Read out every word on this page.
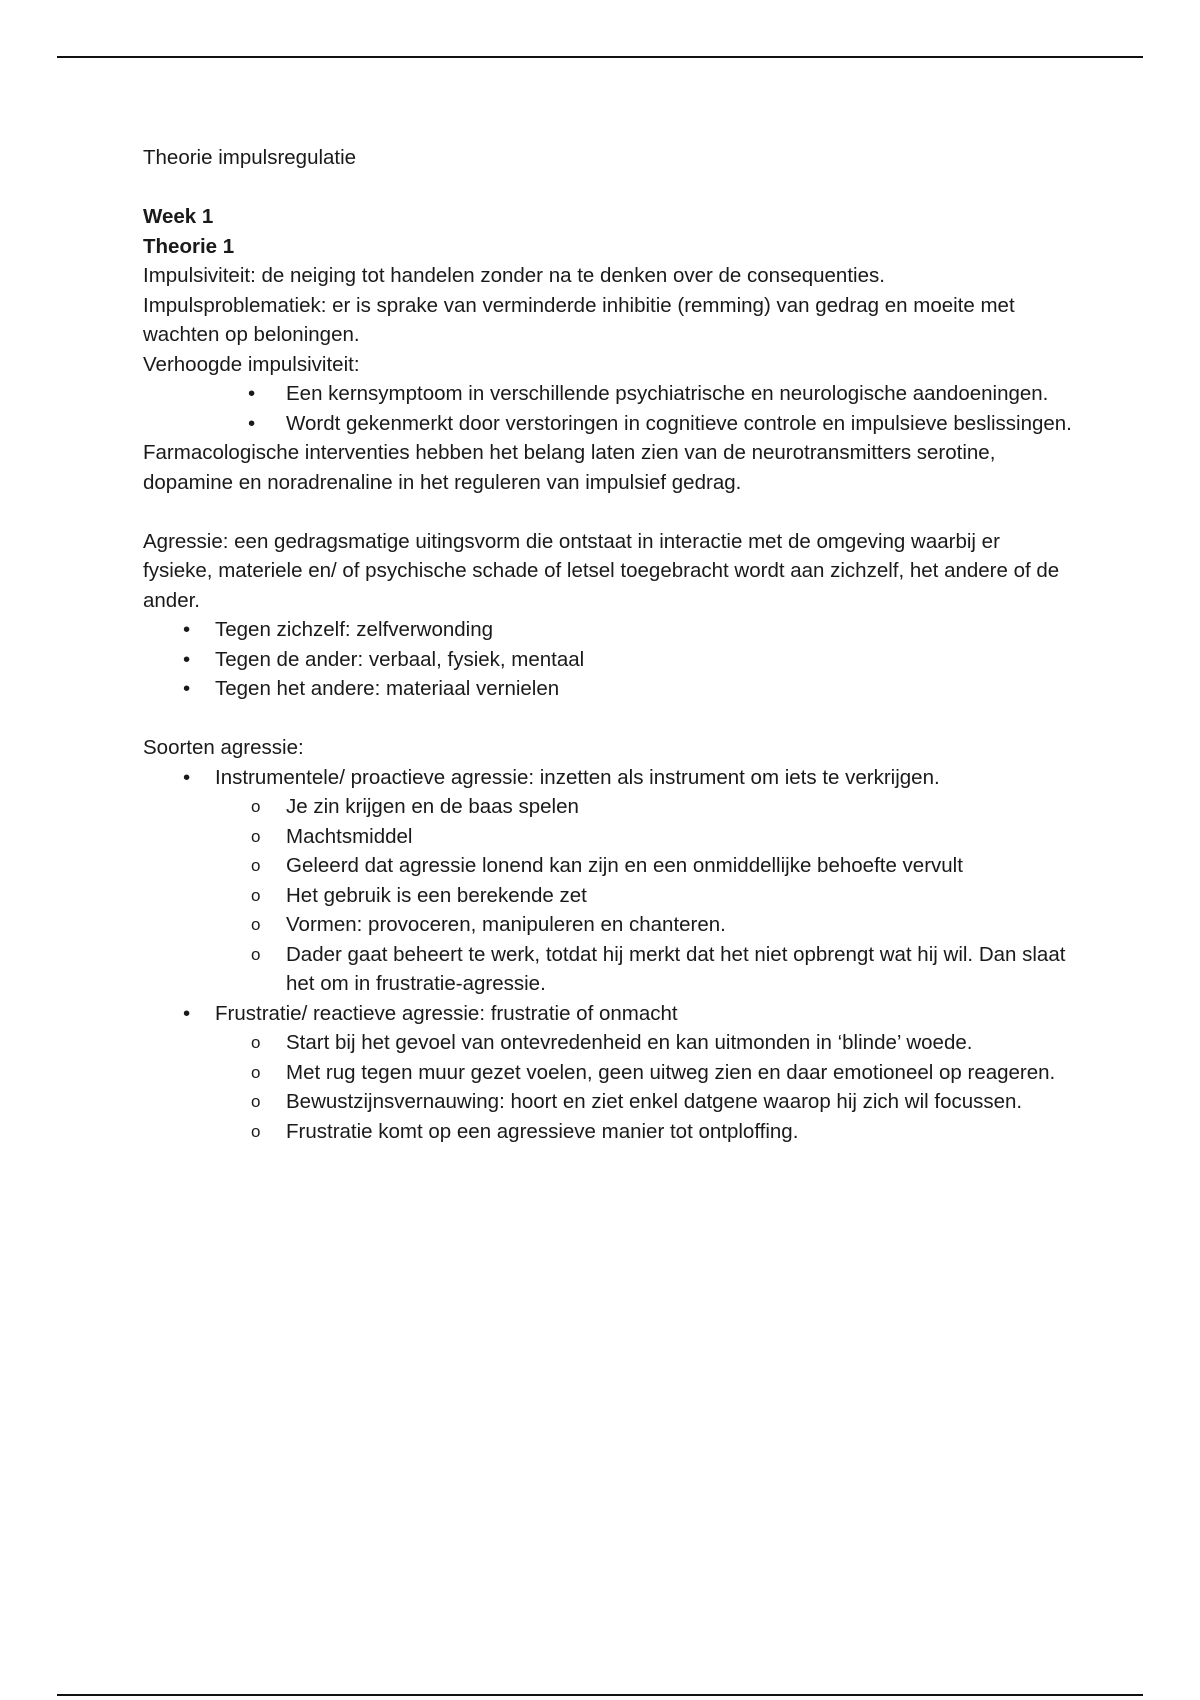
Theorie impulsregulatie

Week 1

Theorie 1

Impulsiviteit: de neiging tot handelen zonder na te denken over de consequenties.

Impulsproblematiek: er is sprake van verminderde inhibitie (remming) van gedrag en moeite met wachten op beloningen.

Verhoogde impulsiviteit:

• Een kernsymptoom in verschillende psychiatrische en neurologische aandoeningen.
• Wordt gekenmerkt door verstoringen in cognitieve controle en impulsieve beslissingen.

Farmacologische interventies hebben het belang laten zien van de neurotransmitters serotine, dopamine en noradrenaline in het reguleren van impulsief gedrag.

Agressie: een gedragsmatige uitingsvorm die ontstaat in interactie met de omgeving waarbij er fysieke, materiele en/ of psychische schade of letsel toegebracht wordt aan zichzelf, het andere of de ander.

• Tegen zichzelf: zelfverwonding
• Tegen de ander: verbaal, fysiek, mentaal
• Tegen het andere: materiaal vernielen

Soorten agressie:

• Instrumentele/ proactieve agressie: inzetten als instrument om iets te verkrijgen.
o Je zin krijgen en de baas spelen
o Machtsmiddel
o Geleerd dat agressie lonend kan zijn en een onmiddellijke behoefte vervult
o Het gebruik is een berekende zet
o Vormen: provoceren, manipuleren en chanteren.
o Dader gaat beheert te werk, totdat hij merkt dat het niet opbrengt wat hij wil. Dan slaat het om in frustratie-agressie.
• Frustratie/ reactieve agressie: frustratie of onmacht
o Start bij het gevoel van ontevredenheid en kan uitmonden in ‘blinde’ woede.
o Met rug tegen muur gezet voelen, geen uitweg zien en daar emotioneel op reageren.
o Bewustzijnsvernauwing: hoort en ziet enkel datgene waarop hij zich wil focussen.
o Frustratie komt op een agressieve manier tot ontploffing.
